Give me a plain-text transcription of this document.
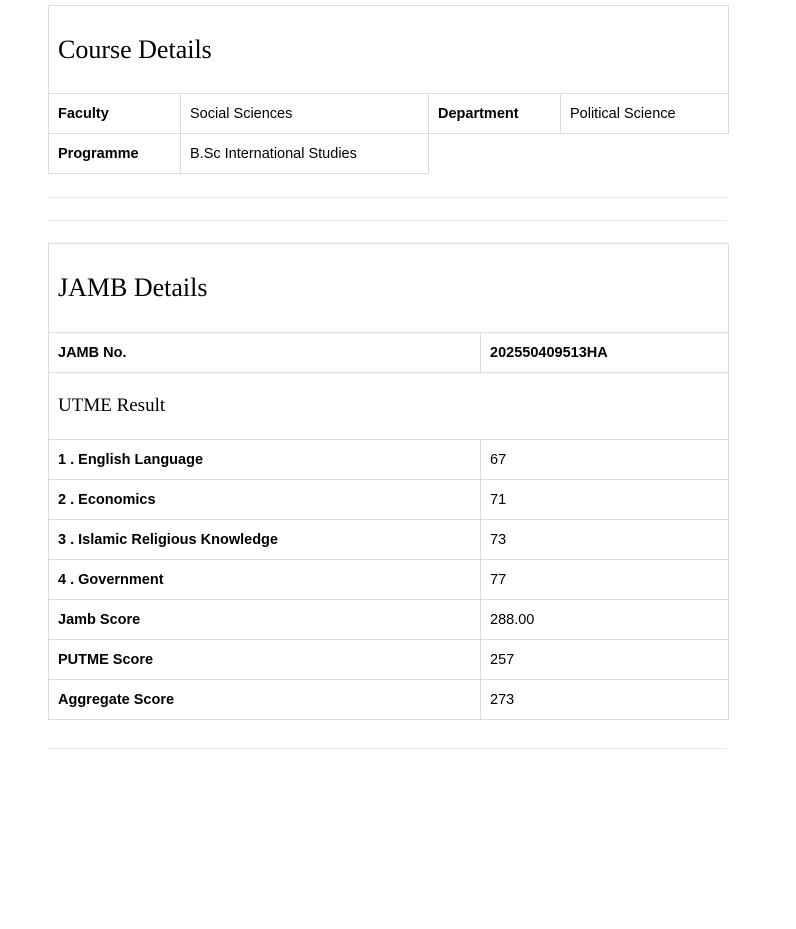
Course Details			
Faculty	Social Sciences	Department	Political Science
Programme	B.Sc International Studies		
JAMB Details	
JAMB No.	202550409513HA
UTME Result	
1 . English Language	67
2 . Economics	71
3 . Islamic Religious Knowledge	73
4 . Government	77
Jamb Score	288.00
PUTME Score	257
Aggregate Score	273
